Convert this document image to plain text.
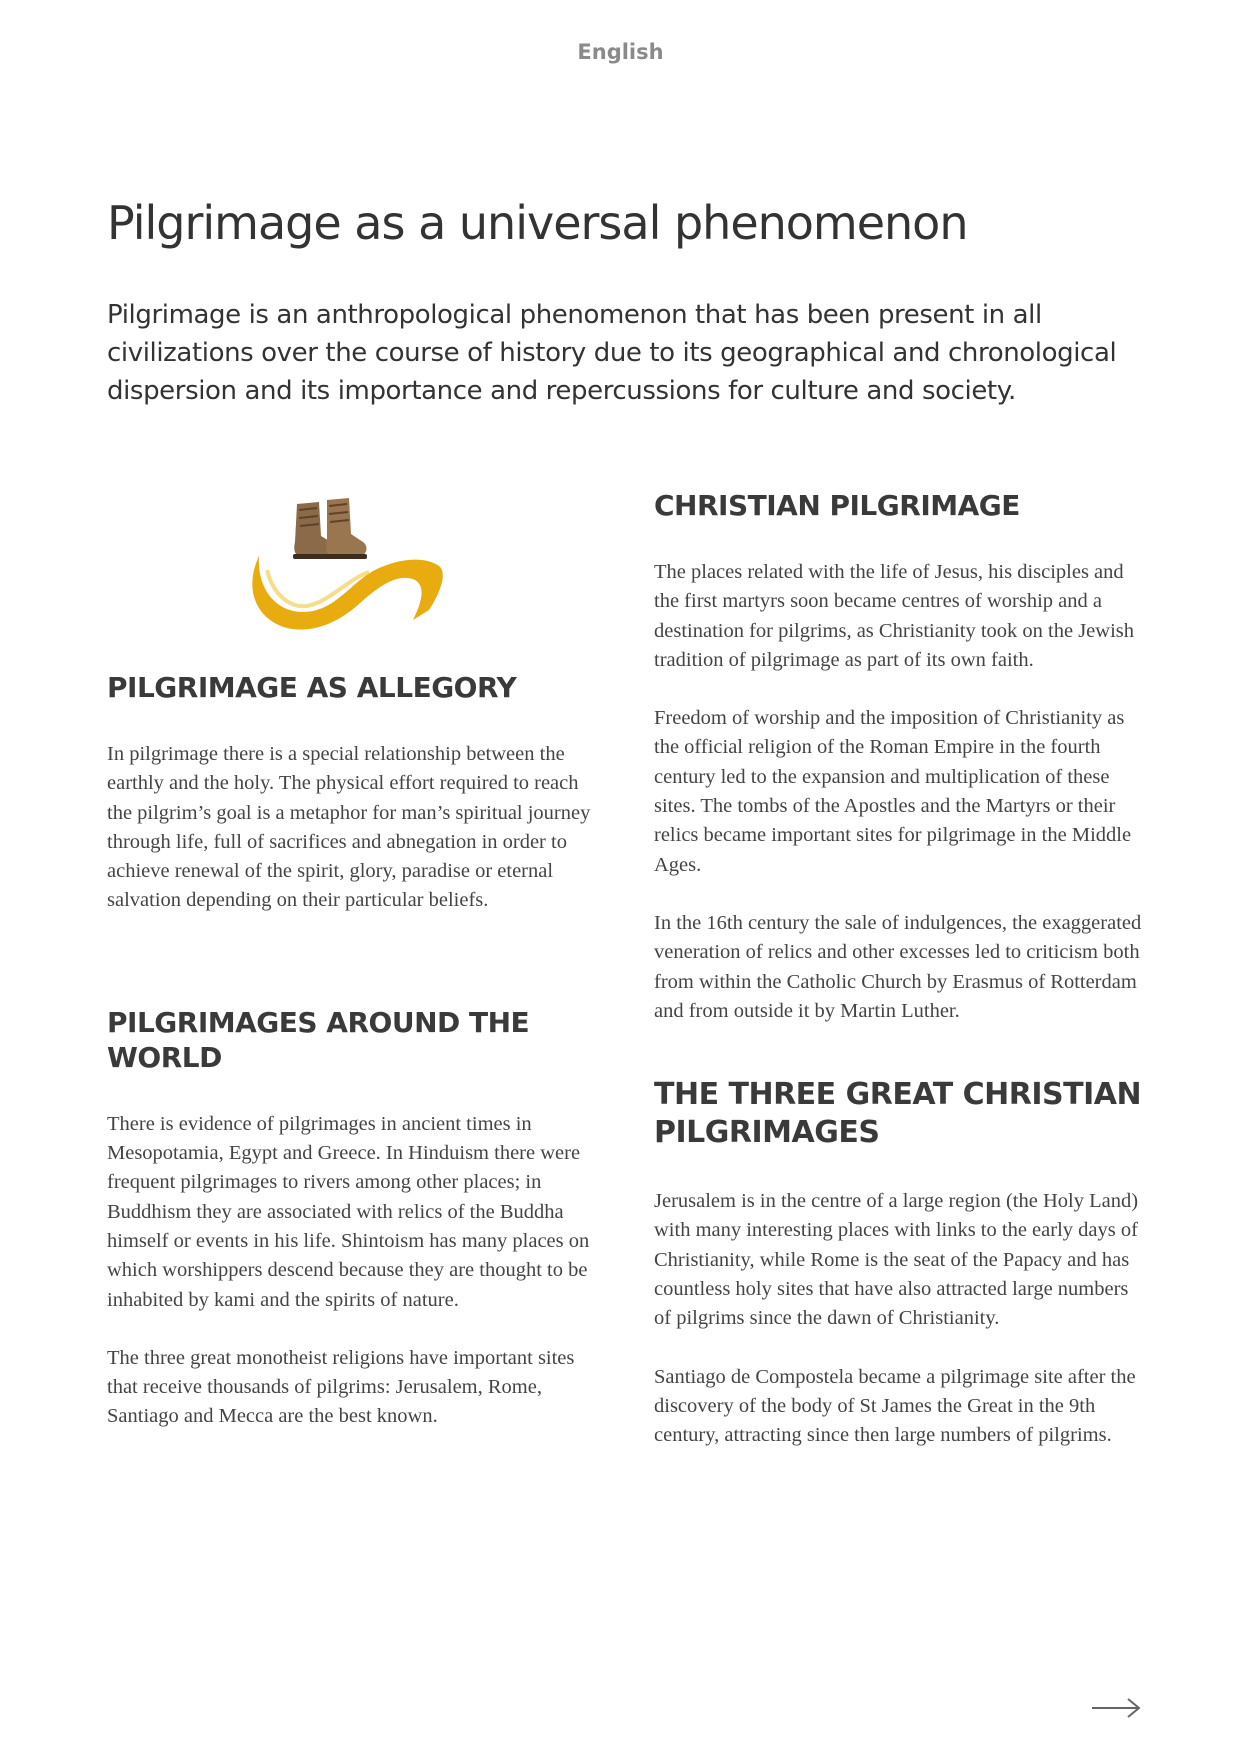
English
Pilgrimage as a universal phenomenon

Pilgrimage is an anthropological phenomenon that has been present in all civilizations over the course of history due to its geographical and chronological dispersion and its importance and repercussions for culture and society.

PILGRIMAGE AS ALLEGORY

In pilgrimage there is a special relationship between the earthly and the holy. The physical effort required to reach the pilgrim’s goal is a metaphor for man’s spiritual journey through life, full of sacrifices and abnegation in order to achieve renewal of the spirit, glory, paradise or eternal salvation depending on their particular beliefs.

PILGRIMAGES AROUND THE WORLD

There is evidence of pilgrimages in ancient times in Mesopotamia, Egypt and Greece. In Hinduism there were frequent pilgrimages to rivers among other places; in Buddhism they are associated with relics of the Buddha himself or events in his life. Shintoism has many places on which worshippers descend because they are thought to be inhabited by kami and the spirits of nature.

The three great monotheist religions have important sites that receive thousands of pilgrims: Jerusalem, Rome, Santiago and Mecca are the best known.

CHRISTIAN PILGRIMAGE

The places related with the life of Jesus, his disciples and the first martyrs soon became centres of worship and a destination for pilgrims, as Christianity took on the Jewish tradition of pilgrimage as part of its own faith.

Freedom of worship and the imposition of Christianity as the official religion of the Roman Empire in the fourth century led to the expansion and multiplication of these sites. The tombs of the Apostles and the Martyrs or their relics became important sites for pilgrimage in the Middle Ages.

In the 16th century the sale of indulgences, the exaggerated veneration of relics and other excesses led to criticism both from within the Catholic Church by Erasmus of Rotterdam and from outside it by Martin Luther.

THE THREE GREAT CHRISTIAN PILGRIMAGES

Jerusalem is in the centre of a large region (the Holy Land) with many interesting places with links to the early days of Christianity, while Rome is the seat of the Papacy and has countless holy sites that have also attracted large numbers of pilgrims since the dawn of Christianity.

Santiago de Compostela became a pilgrimage site after the discovery of the body of St James the Great in the 9th century, attracting since then large numbers of pilgrims.
